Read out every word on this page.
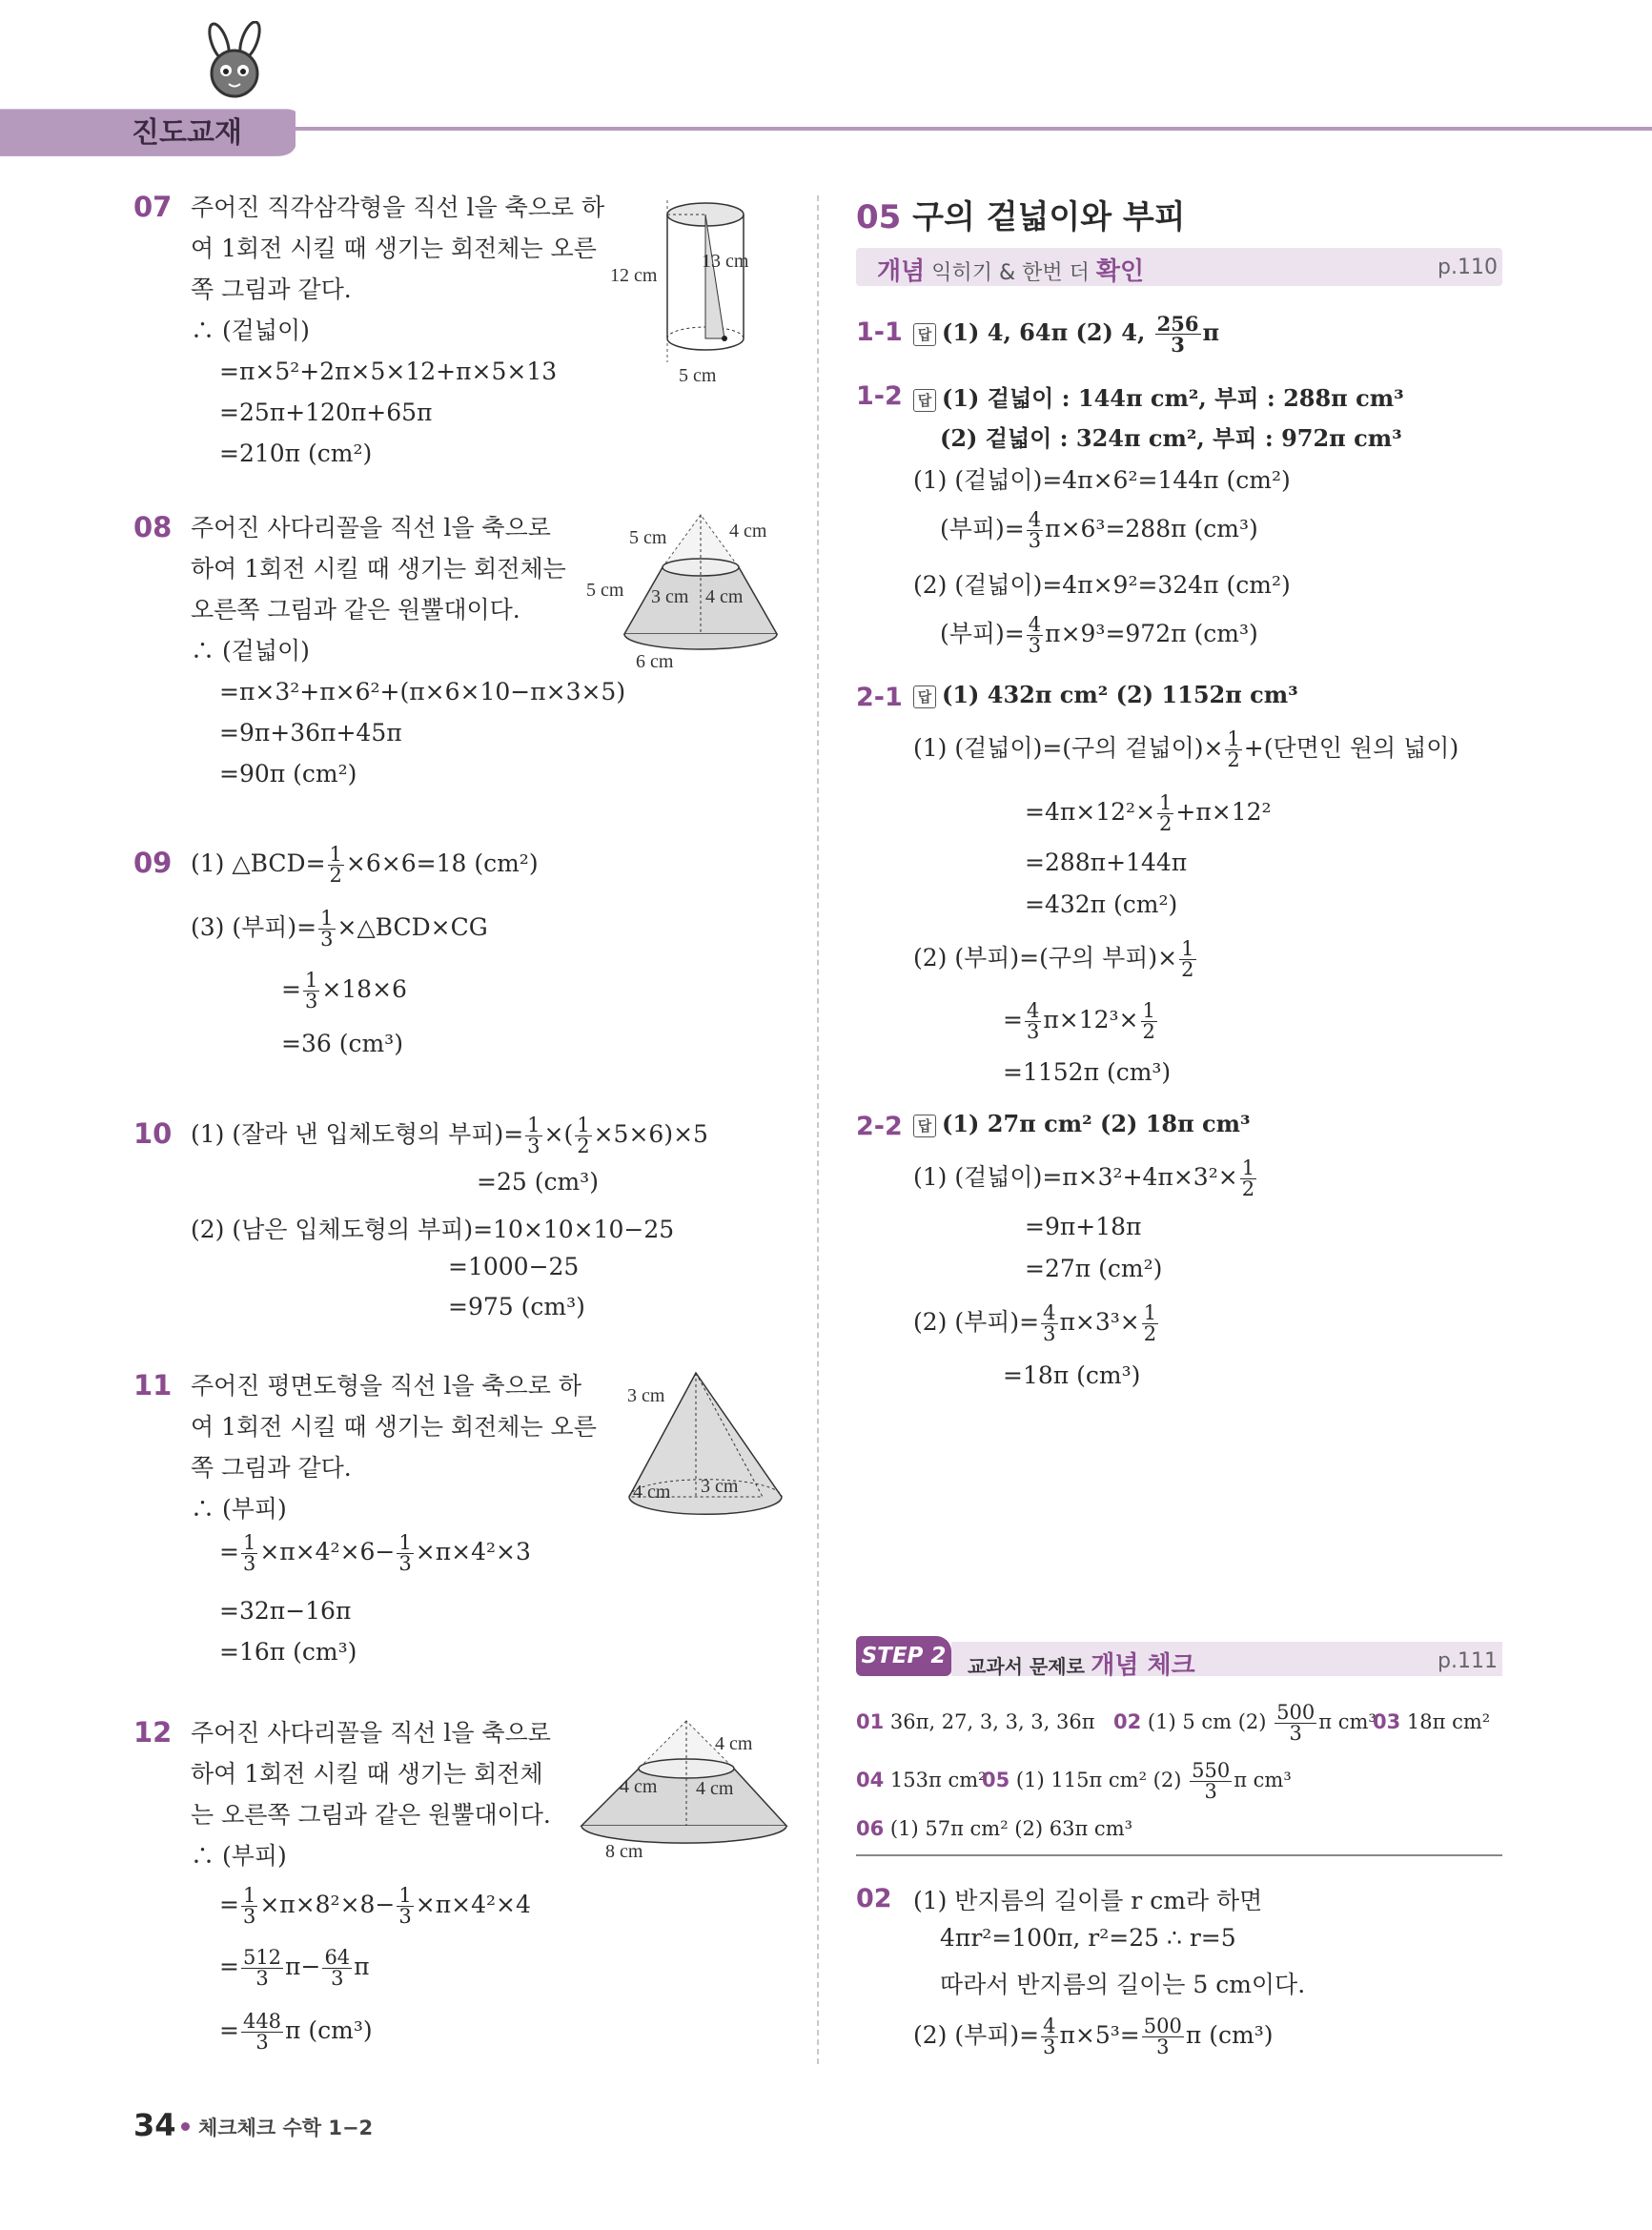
진도교재
07 주어진 직각삼각형을 직선 l을 축으로 하
여 1회전 시킬 때 생기는 회전체는 오른
쪽 그림과 같다.
∴ (겉넓이)
=π×5²+2π×5×12+π×5×13
=25π+120π+65π
=210π (cm²)
12 cm
13 cm
5 cm
08 주어진 사다리꼴을 직선 l을 축으로
하여 1회전 시킬 때 생기는 회전체는
오른쪽 그림과 같은 원뿔대이다.
∴ (겉넓이)
=π×3²+π×6²+(π×6×10−π×3×5)
=9π+36π+45π
=90π (cm²)
5 cm	4 cm
5 cm 3 cm 4 cm
6 cm
09 (1) △BCD= $\frac{1}{2} \times 6\times 6=18$ (cm²)
(3) (부피)= $\frac{1}{3}$ ×△BCD×CG
= $\frac{1}{3} \times 18\times 6$
=36 (cm³)
10 (1) (잘라 낸 입체도형의 부피)= $\frac{1}{3}$ ×( $\frac{1}{2} \times 5\times 6)\times 5$
=25 (cm³)
(2) (남은 입체도형의 부피)=10×10×10−25
=1000−25
=975 (cm³)
11 주어진 평면도형을 직선 l을 축으로 하
여 1회전 시킬 때 생기는 회전체는 오른
쪽 그림과 같다.
∴ (부피)
3 cm
4 cm 3 cm
= $\frac{1}{3} \times\pi\times 4^2\times 6- \frac{1}{3} \times\pi\times 4^2\times 3$
=32π−16π
=16π (cm³)
12 주어진 사다리꼴을 직선 l을 축으로
하여 1회전 시킬 때 생기는 회전체
는 오른쪽 그림과 같은 원뿔대이다.
∴ (부피)
4 cm
4 cm 4 cm
8 cm
= $\frac{1}{3} \times\pi\times 8^2\times 8- \frac{1}{3} \times\pi\times 4^2\times 4$
= $\frac{512}{3} \pi- \frac{64}{3}$ π
= $\frac{448}{3}$ π (cm³)
05 구의 겉넓이와 부피
개념 익히기 & 한번 더 확인	p.110
1-1	답 (1) 4, 64π (2) 4, $\frac{256}{3}$ π
1-2	답 (1) 겉넓이 : 144π cm², 부피 : 288π cm³
(2) 겉넓이 : 324π cm², 부피 : 972π cm³
(1) (겉넓이)=4π×6²=144π (cm²)
(부피)= $\frac{4}{3} \pi\times 6^3=288\pi$ (cm³)
(2) (겉넓이)=4π×9²=324π (cm²)
(부피)= $\frac{4}{3} \pi\times 9^3=972\pi$ (cm³)
2-1	답 (1) 432π cm² (2) 1152π cm³
(1) (겉넓이)=(구의 겉넓이)× $\frac{1}{2}$ +(단면인 원의 넓이)
$=4\pi\times 12^2\times \frac{1}{2} +\pi\times 12^2$
=288π+144π
=432π (cm²)
(2) (부피)=(구의 부피)× $\frac{1}{2}$
= $\frac{4}{3} \pi\times 12^3\times \frac{1}{2}$
=1152π (cm³)
2-2	답 (1) 27π cm² (2) 18π cm³
(1) (겉넓이)$=\pi\times 3^2+4\pi\times 3^2\times \frac{1}{2}$
=9π+18π
=27π (cm²)
(2) (부피)= $\frac{4}{3} \pi\times 3^3\times \frac{1}{2}$
=18π (cm³)
STEP 2 교과서 문제로 개념 체크	p.111
01 36π, 27, 3, 3, 3, 36π 02 (1) 5 cm $(2) \frac{500}{3}$ π cm³
03 18π cm²
04 153π cm²
05 (1) 115π cm² $(2) \frac{550}{3}$ π cm³
06 (1) 57π cm² (2) 63π cm³
02 (1) 반지름의 길이를 r cm라 하면
4πr²=100π, r²=25 ∴ r=5
따라서 반지름의 길이는 5 cm이다.
(2) (부피)= $\frac{4}{3} \pi\times 5^3= \frac{500}{3}$ π (cm³)
34 체크체크 수학 1−2
